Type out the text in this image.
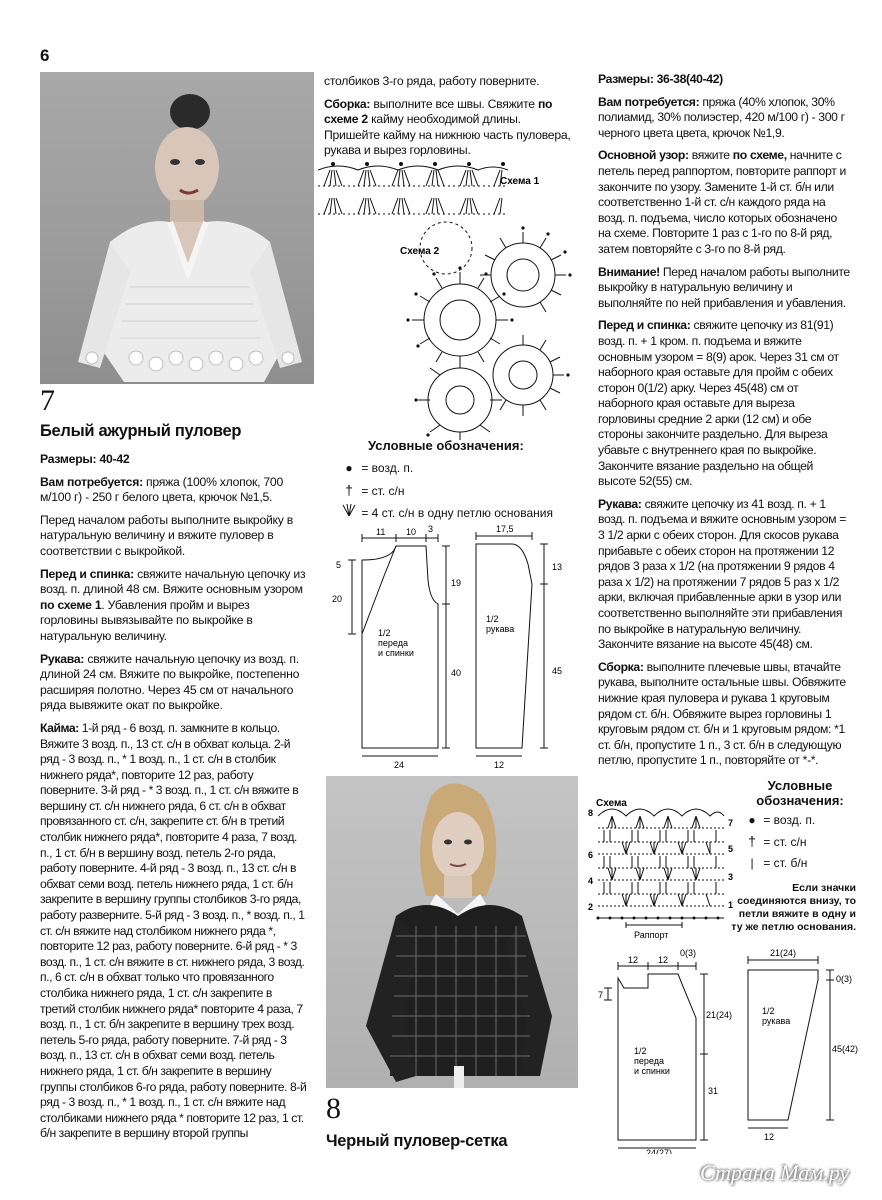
6
7
Белый ажурный пуловер

Размеры: 40-42

Вам потребуется: пряжа (100% хлопок, 700 м/100 г) - 250 г белого цвета, крючок №1,5.

Перед началом работы выполните выкройку в натуральную величину и вяжите пуловер в соответствии с выкройкой.

Перед и спинка: свяжите начальную цепочку из возд. п. длиной 48 см. Вяжите основным узором по схеме 1. Убавления пройм и вырез горловины вывязывайте по выкройке в натуральную величину.

Рукава: свяжите начальную цепочку из возд. п. длиной 24 см. Вяжите по выкройке, постепенно расширяя полотно. Через 45 см от начального ряда вывяжите окат по выкройке.

Кайма: 1-й ряд - 6 возд. п. замкните в кольцо. Вяжите 3 возд. п., 13 ст. с/н в обхват кольца. 2-й ряд - 3 возд. п., * 1 возд. п., 1 ст. с/н в столбик нижнего ряда*, повторите 12 раз, работу поверните. 3-й ряд - * 3 возд. п., 1 ст. с/н вяжите в вершину ст. с/н нижнего ряда, 6 ст. с/н в обхват провязанного ст. с/н, закрепите ст. б/н в третий столбик нижнего ряда*, повторите 4 раза, 7 возд. п., 1 ст. б/н в вершину возд. петель 2-го ряда, работу поверните. 4-й ряд - 3 возд. п., 13 ст. с/н в обхват семи возд. петель нижнего ряда, 1 ст. б/н закрепите в вершину группы столбиков 3-го ряда, работу разверните. 5-й ряд - 3 возд. п., * возд. п., 1 ст. с/н вяжите над столбиком нижнего ряда *, повторите 12 раз, работу поверните. 6-й ряд - * 3 возд. п., 1 ст. с/н вяжите в ст. нижнего ряда, 3 возд. п., 6 ст. с/н в обхват только что провязанного столбика нижнего ряда, 1 ст. с/н закрепите в третий столбик нижнего ряда* повторите 4 раза, 7 возд. п., 1 ст. б/н закрепите в вершину трех возд. петель 5-го ряда, работу поверните. 7-й ряд - 3 возд. п., 13 ст. с/н в обхват семи возд. петель нижнего ряда, 1 ст. б/н закрепите в вершину группы столбиков 6-го ряда, работу поверните. 8-й ряд - 3 возд. п., * 1 возд. п., 1 ст. с/н вяжите над столбиками нижнего ряда * повторите 12 раз, 1 ст. б/н закрепите в вершину второй группы

столбиков 3-го ряда, работу поверните.

Сборка: выполните все швы. Свяжите по схеме 2 кайму необходимой длины. Пришейте кайму на нижнюю часть пуловера, рукава и вырез горловины.

Схема 1
Схема 2
Условные обозначения:
● = возд. п.
† = ст. с/н
= 4 ст. с/н в одну петлю основания
11 10 3
5
20
19
40
24
1/2
переда
и спинки
17,5
13
45
12
1/2
рукава
8
Черный пуловер-сетка

Размеры: 36-38(40-42)

Вам потребуется: пряжа (40% хлопок, 30% полиамид, 30% полиэстер, 420 м/100 г) - 300 г черного цвета цвета, крючок №1,9.

Основной узор: вяжите по схеме, начните с петель перед раппортом, повторите раппорт и закончите по узору. Замените 1-й ст. б/н или соответственно 1-й ст. с/н каждого ряда на возд. п. подъема, число которых обозначено на схеме. Повторите 1 раз с 1-го по 8-й ряд, затем повторяйте с 3-го по 8-й ряд.

Внимание! Перед началом работы выполните выкройку в натуральную величину и выполняйте по ней прибавления и убавления.

Перед и спинка: свяжите цепочку из 81(91) возд. п. + 1 кром. п. подъема и вяжите основным узором = 8(9) арок. Через 31 см от наборного края оставьте для пройм с обеих сторон 0(1/2) арку. Через 45(48) см от наборного края оставьте для выреза горловины средние 2 арки (12 см) и обе стороны закончите раздельно. Для выреза убавьте с внутреннего края по выкройке. Закончите вязание раздельно на общей высоте 52(55) см.

Рукава: свяжите цепочку из 41 возд. п. + 1 возд. п. подъема и вяжите основным узором = 3 1/2 арки с обеих сторон. Для скосов рукава прибавьте с обеих сторон на протяжении 12 рядов 3 раза x 1/2 (на протяжении 9 рядов 4 раза x 1/2) на протяжении 7 рядов 5 раз x 1/2 арки, включая прибавленные арки в узор или соответственно выполняйте эти прибавления по выкройке в натуральную величину. Закончите вязание на высоте 45(48) см.

Сборка: выполните плечевые швы, втачайте рукава, выполните остальные швы. Обвяжите нижние края пуловера и рукава 1 круговым рядом ст. б/н. Обвяжите вырез горловины 1 круговым рядом ст. б/н и 1 круговым рядом: *1 ст. б/н, пропустите 1 п., 3 ст. б/н в следующую петлю, пропустите 1 п., повторяйте от *-*.

Схема
8
6
4
2
7
5
3
1
Раппорт
Условные
обозначения:
● = возд. п.
† = ст. с/н
| = ст. б/н
Если значки соединяются внизу, то петли вяжите в одну и ту же петлю основания.
12 12
0(3)
7
21(24)
31
24(27)
1/2
переда
и спинки
21(24)
0(3)
45(42)
12
1/2
рукава
Страна Мам.ру
